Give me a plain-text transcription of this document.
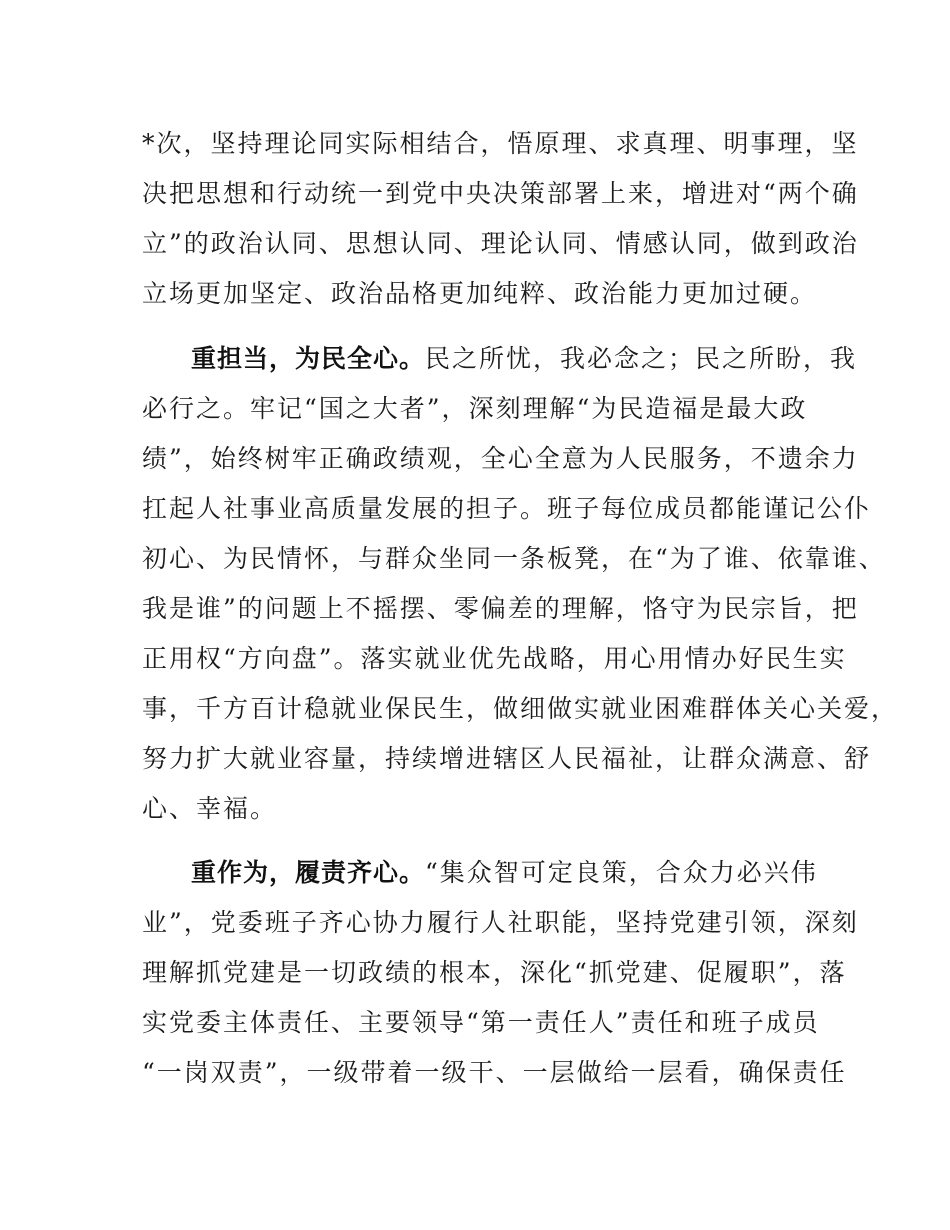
*次，坚持理论同实际相结合，悟原理、求真理、明事理，坚
决把思想和行动统一到党中央决策部署上来，增进对“两个确
立”的政治认同、思想认同、理论认同、情感认同，做到政治
立场更加坚定、政治品格更加纯粹、政治能力更加过硬。
重担当，为民全心。民之所忧，我必念之；民之所盼，我
必行之。牢记“国之大者”，深刻理解“为民造福是最大政
绩”，始终树牢正确政绩观，全心全意为人民服务，不遗余力
扛起人社事业高质量发展的担子。班子每位成员都能谨记公仆
初心、为民情怀，与群众坐同一条板凳，在“为了谁、依靠谁、
我是谁”的问题上不摇摆、零偏差的理解，恪守为民宗旨，把
正用权“方向盘”。落实就业优先战略，用心用情办好民生实
事，千方百计稳就业保民生，做细做实就业困难群体关心关爱，
努力扩大就业容量，持续增进辖区人民福祉，让群众满意、舒
心、幸福。
重作为，履责齐心。“集众智可定良策，合众力必兴伟
业”，党委班子齐心协力履行人社职能，坚持党建引领，深刻
理解抓党建是一切政绩的根本，深化“抓党建、促履职”，落
实党委主体责任、主要领导“第一责任人”责任和班子成员
“一岗双责”，一级带着一级干、一层做给一层看，确保责任
